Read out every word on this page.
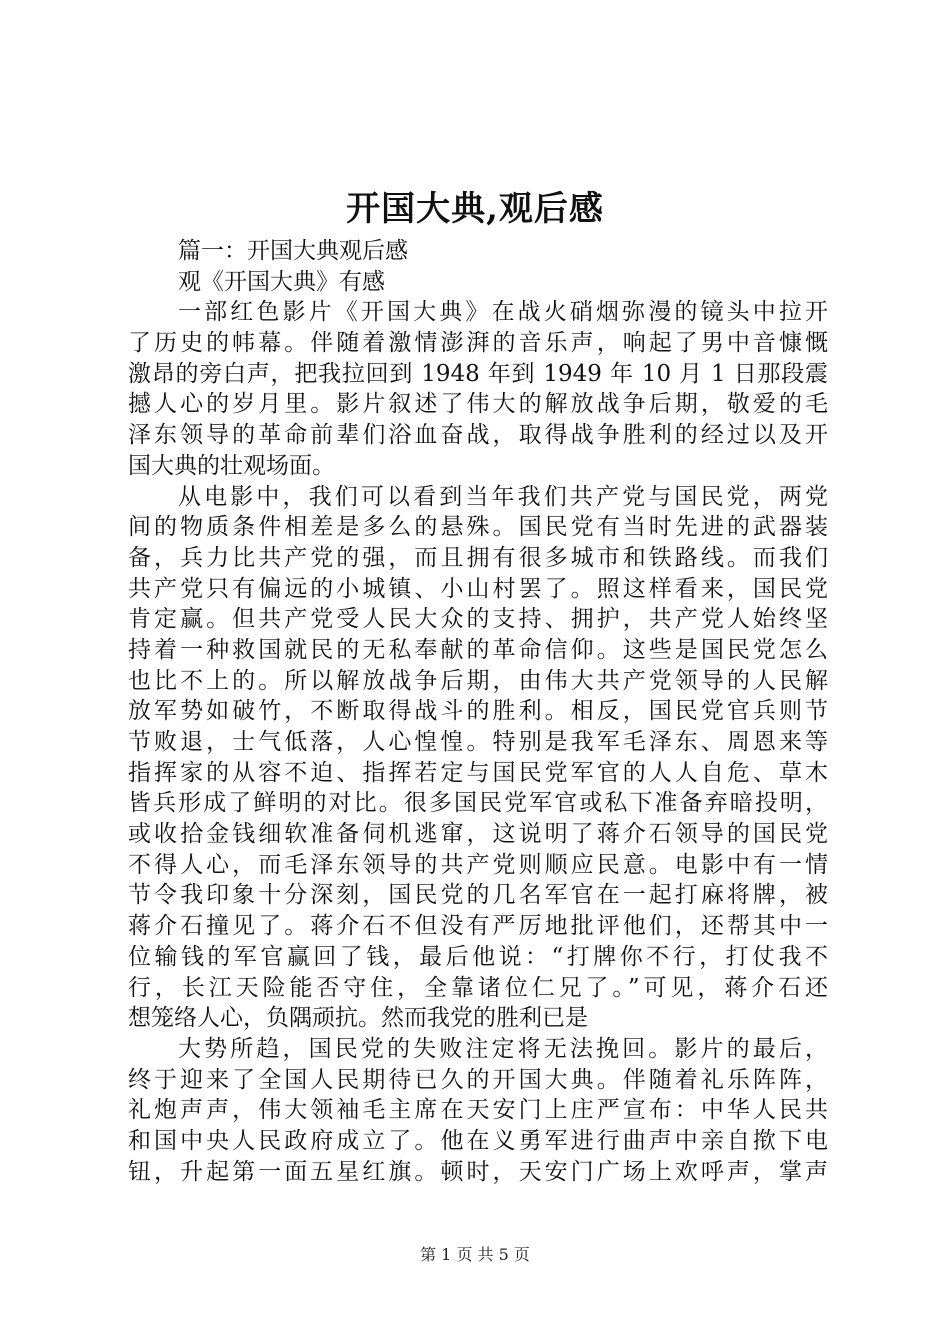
开国大典,观后感
篇一：开国大典观后感
观《开国大典》有感
一部红色影片《开国大典》在战火硝烟弥漫的镜头中拉开
了历史的帏幕。伴随着激情澎湃的音乐声，响起了男中音慷慨
激昂的旁白声，把我拉回到 1948 年到 1949 年 10 月 1 日那段震
撼人心的岁月里。影片叙述了伟大的解放战争后期，敬爱的毛
泽东领导的革命前辈们浴血奋战，取得战争胜利的经过以及开
国大典的壮观场面。
从电影中，我们可以看到当年我们共产党与国民党，两党
间的物质条件相差是多么的悬殊。国民党有当时先进的武器装
备，兵力比共产党的强，而且拥有很多城市和铁路线。而我们
共产党只有偏远的小城镇、小山村罢了。照这样看来，国民党
肯定赢。但共产党受人民大众的支持、拥护，共产党人始终坚
持着一种救国就民的无私奉献的革命信仰。这些是国民党怎么
也比不上的。所以解放战争后期，由伟大共产党领导的人民解
放军势如破竹，不断取得战斗的胜利。相反，国民党官兵则节
节败退，士气低落，人心惶惶。特别是我军毛泽东、周恩来等
指挥家的从容不迫、指挥若定与国民党军官的人人自危、草木
皆兵形成了鲜明的对比。很多国民党军官或私下准备弃暗投明，
或收拾金钱细软准备伺机逃窜，这说明了蒋介石领导的国民党
不得人心，而毛泽东领导的共产党则顺应民意。电影中有一情
节令我印象十分深刻，国民党的几名军官在一起打麻将牌，被
蒋介石撞见了。蒋介石不但没有严厉地批评他们，还帮其中一
位输钱的军官赢回了钱，最后他说：“打牌你不行，打仗我不
行，长江天险能否守住，全靠诸位仁兄了。”可见，蒋介石还
想笼络人心，负隅顽抗。然而我党的胜利已是
大势所趋，国民党的失败注定将无法挽回。影片的最后，
终于迎来了全国人民期待已久的开国大典。伴随着礼乐阵阵，
礼炮声声，伟大领袖毛主席在天安门上庄严宣布：中华人民共
和国中央人民政府成立了。他在义勇军进行曲声中亲自揿下电
钮，升起第一面五星红旗。顿时，天安门广场上欢呼声，掌声
第 1 页 共 5 页
